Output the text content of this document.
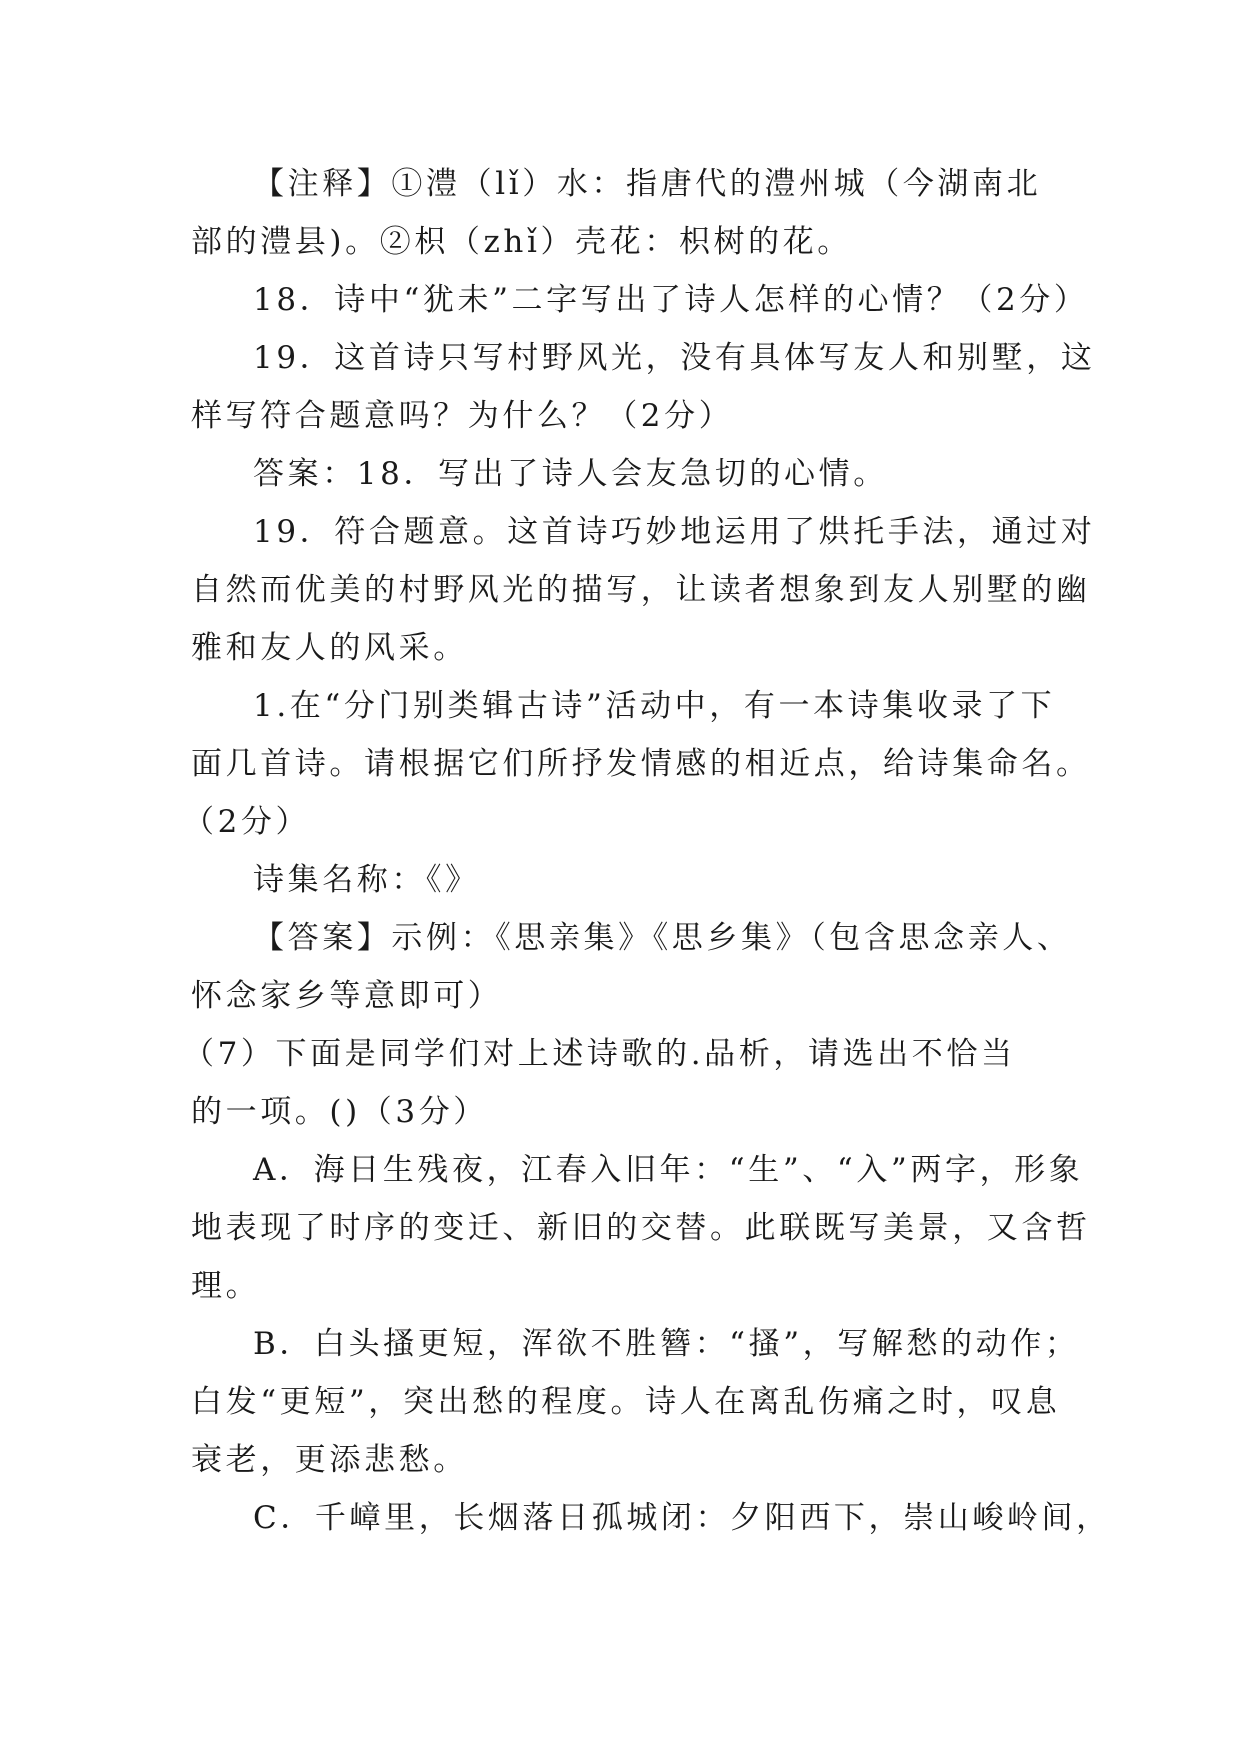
【注释】①澧（lǐ）水：指唐代的澧州城（今湖南北

部的澧县)。②枳（zhǐ）壳花：枳树的花。

18．诗中“犹未”二字写出了诗人怎样的心情？（2分）

19．这首诗只写村野风光，没有具体写友人和别墅，这

样写符合题意吗？为什么？（2分）

答案：18．写出了诗人会友急切的心情。

19．符合题意。这首诗巧妙地运用了烘托手法，通过对

自然而优美的村野风光的描写，让读者想象到友人别墅的幽

雅和友人的风采。

1.在“分门别类辑古诗”活动中，有一本诗集收录了下

面几首诗。请根据它们所抒发情感的相近点，给诗集命名。

（2分）

诗集名称：《》

【答案】示例：《思亲集》《思乡集》（包含思念亲人、

怀念家乡等意即可）

（7）下面是同学们对上述诗歌的.品析，请选出不恰当

的一项。()（3分）

A．海日生残夜，江春入旧年：“生”、“入”两字，形象

地表现了时序的变迁、新旧的交替。此联既写美景，又含哲

理。

B．白头搔更短，浑欲不胜簪：“搔”，写解愁的动作；

白发“更短”，突出愁的程度。诗人在离乱伤痛之时，叹息

衰老，更添悲愁。

C．千嶂里，长烟落日孤城闭：夕阳西下，崇山峻岭间，
